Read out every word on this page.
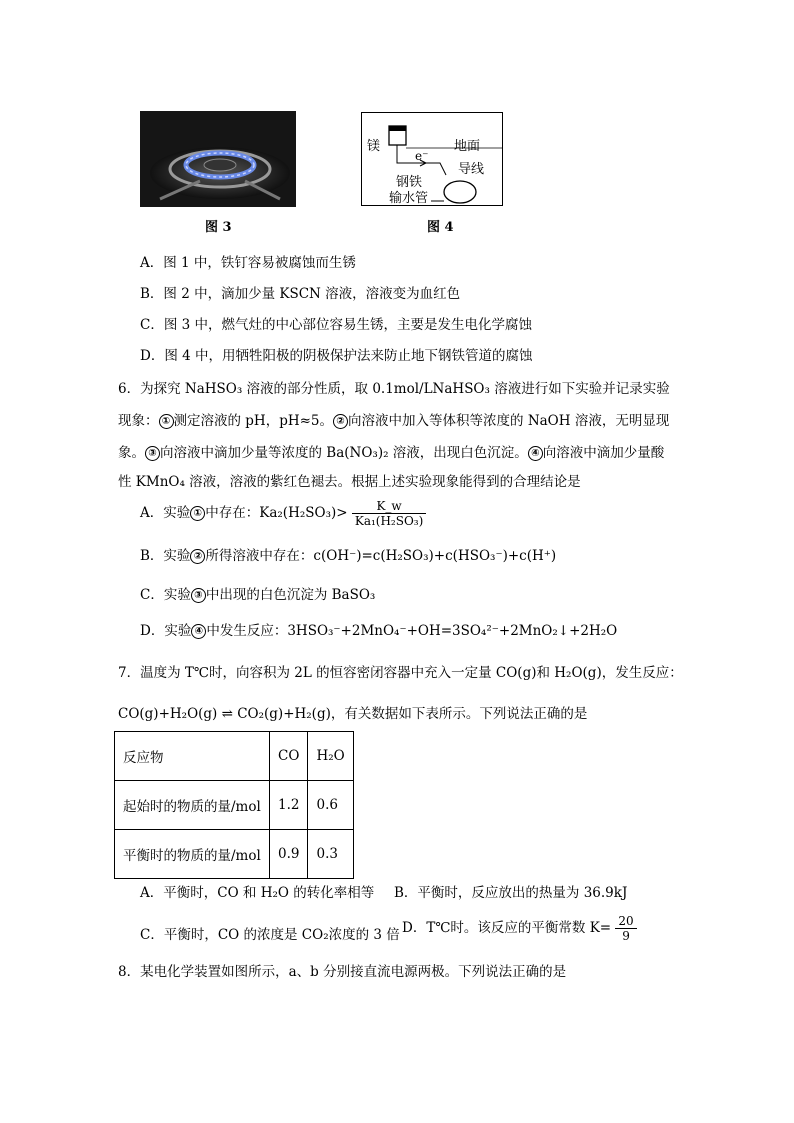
图 3
镁
e⁻
地面
导线
钢铁
输水管
图 4
A．图 1 中，铁钉容易被腐蚀而生锈
B．图 2 中，滴加少量 KSCN 溶液，溶液变为血红色
C．图 3 中，燃气灶的中心部位容易生锈，主要是发生电化学腐蚀
D．图 4 中，用牺牲阳极的阴极保护法来防止地下钢铁管道的腐蚀
6．为探究 NaHSO₃ 溶液的部分性质，取 0.1mol/LNaHSO₃ 溶液进行如下实验并记录实验
现象： ① 测定溶液的 pH，pH≈5。 ② 向溶液中加入等体积等浓度的 NaOH 溶液，无明显现
象。 ③ 向溶液中滴加少量等浓度的 Ba(NO₃)₂ 溶液，出现白色沉淀。 ④ 向溶液中滴加少量酸
性 KMnO₄ 溶液，溶液的紫红色褪去。根据上述实验现象能得到的合理结论是
A．实验 ① 中存在：$Ka_2(H_2SO_3)> \frac{K\_w}{\text{Ka₁(H₂SO₃)}}$
B．实验 ② 所得溶液中存在：c(OH⁻)=c(H₂SO₃)+c(HSO₃⁻)+c(H⁺)
C．实验 ③ 中出现的白色沉淀为 BaSO₃
D．实验 ④ 中发生反应：3HSO₃⁻+2MnO₄⁻+OH=3SO₄²⁻+2MnO₂↓+2H₂O
7．温度为 T℃时，向容积为 2L 的恒容密闭容器中充入一定量 CO(g)和 H₂O(g)，发生反应：
CO(g)+H₂O(g) ⇌ CO₂(g)+H₂(g)，有关数据如下表所示。下列说法正确的是
反应物	CO	H₂O
起始时的物质的量/mol	1.2	0.6
平衡时的物质的量/mol	0.9	0.3
A．平衡时，CO 和 H₂O 的转化率相等 B．平衡时，反应放出的热量为 36.9kJ
C．平衡时，CO 的浓度是 CO₂浓度的 3 倍 D．T℃时。该反应的平衡常数 $K= \frac{20}{9}$
8．某电化学装置如图所示，a、b 分别接直流电源两极。下列说法正确的是
